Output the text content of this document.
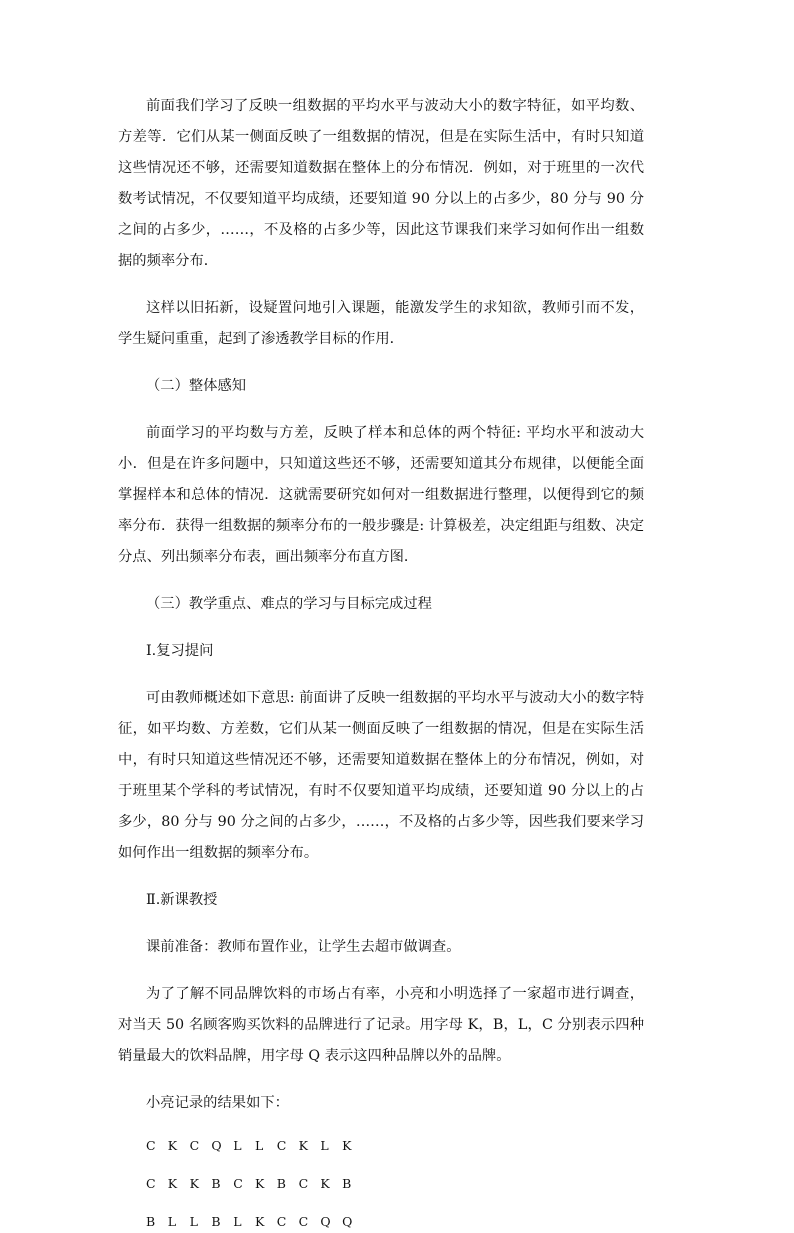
前面我们学习了反映一组数据的平均水平与波动大小的数字特征，如平均数、方差等．它们从某一侧面反映了一组数据的情况，但是在实际生活中，有时只知道这些情况还不够，还需要知道数据在整体上的分布情况．例如，对于班里的一次代数考试情况，不仅要知道平均成绩，还要知道 90 分以上的占多少，80 分与 90 分之间的占多少，……，不及格的占多少等，因此这节课我们来学习如何作出一组数据的频率分布．

这样以旧拓新，设疑置问地引入课题，能激发学生的求知欲，教师引而不发，学生疑问重重，起到了渗透教学目标的作用．

（二）整体感知

前面学习的平均数与方差，反映了样本和总体的两个特征: 平均水平和波动大小．但是在许多问题中，只知道这些还不够，还需要知道其分布规律，以便能全面掌握样本和总体的情况．这就需要研究如何对一组数据进行整理，以便得到它的频率分布．获得一组数据的频率分布的一般步骤是: 计算极差，决定组距与组数、决定分点、列出频率分布表，画出频率分布直方图．

（三）教学重点、难点的学习与目标完成过程

Ⅰ.复习提问

可由教师概述如下意思: 前面讲了反映一组数据的平均水平与波动大小的数字特征，如平均数、方差数，它们从某一侧面反映了一组数据的情况，但是在实际生活中，有时只知道这些情况还不够，还需要知道数据在整体上的分布情况，例如，对于班里某个学科的考试情况，有时不仅要知道平均成绩，还要知道 90 分以上的占多少，80 分与 90 分之间的占多少，……，不及格的占多少等，因些我们要来学习如何作出一组数据的频率分布。

Ⅱ.新课教授

课前准备：教师布置作业，让学生去超市做调查。

为了了解不同品牌饮料的市场占有率，小亮和小明选择了一家超市进行调查，对当天 50 名顾客购买饮料的品牌进行了记录。用字母 K，B，L，C 分别表示四种销量最大的饮料品牌，用字母 Q 表示这四种品牌以外的品牌。

小亮记录的结果如下：

C K C Q L	L	C K L	K
C K K B	C K B	C K B
B	L	L	B	L	K C C Q Q
